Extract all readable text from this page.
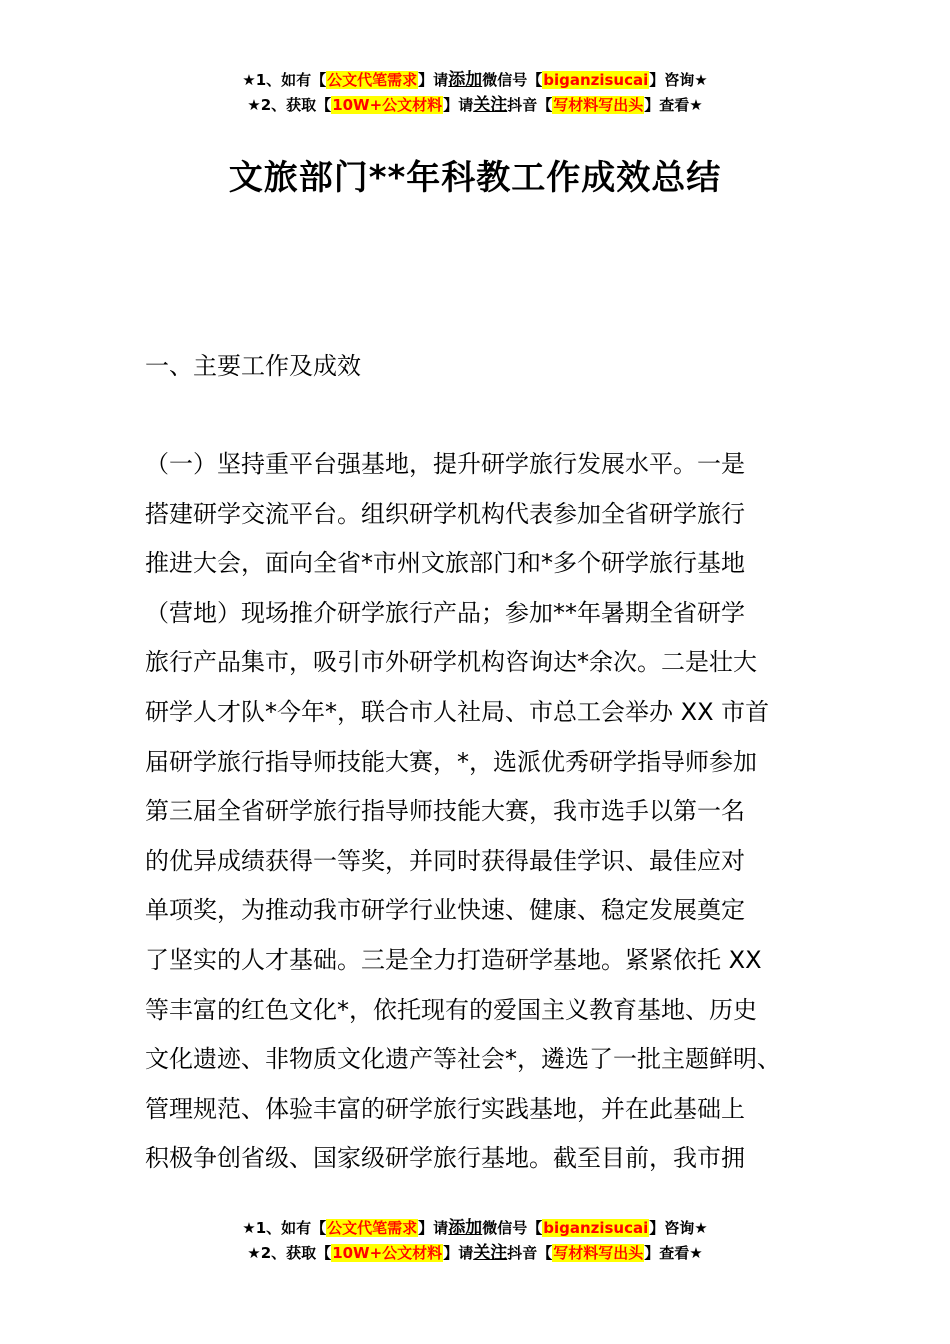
★1、如有【公文代笔需求】请添加微信号【biganzisucai】咨询★
★2、获取【10W+公文材料】请关注抖音【写材料写出头】查看★
文旅部门**年科教工作成效总结
一、主要工作及成效
（一）坚持重平台强基地，提升研学旅行发展水平。一是
搭建研学交流平台。组织研学机构代表参加全省研学旅行
推进大会，面向全省*市州文旅部门和*多个研学旅行基地
（营地）现场推介研学旅行产品；参加**年暑期全省研学
旅行产品集市，吸引市外研学机构咨询达*余次。二是壮大
研学人才队*今年*，联合市人社局、市总工会举办 XX 市首
届研学旅行指导师技能大赛，*，选派优秀研学指导师参加
第三届全省研学旅行指导师技能大赛，我市选手以第一名
的优异成绩获得一等奖，并同时获得最佳学识、最佳应对
单项奖，为推动我市研学行业快速、健康、稳定发展奠定
了坚实的人才基础。三是全力打造研学基地。紧紧依托 XX
等丰富的红色文化*，依托现有的爱国主义教育基地、历史
文化遗迹、非物质文化遗产等社会*，遴选了一批主题鲜明、
管理规范、体验丰富的研学旅行实践基地，并在此基础上
积极争创省级、国家级研学旅行基地。截至目前，我市拥
★1、如有【公文代笔需求】请添加微信号【biganzisucai】咨询★
★2、获取【10W+公文材料】请关注抖音【写材料写出头】查看★
